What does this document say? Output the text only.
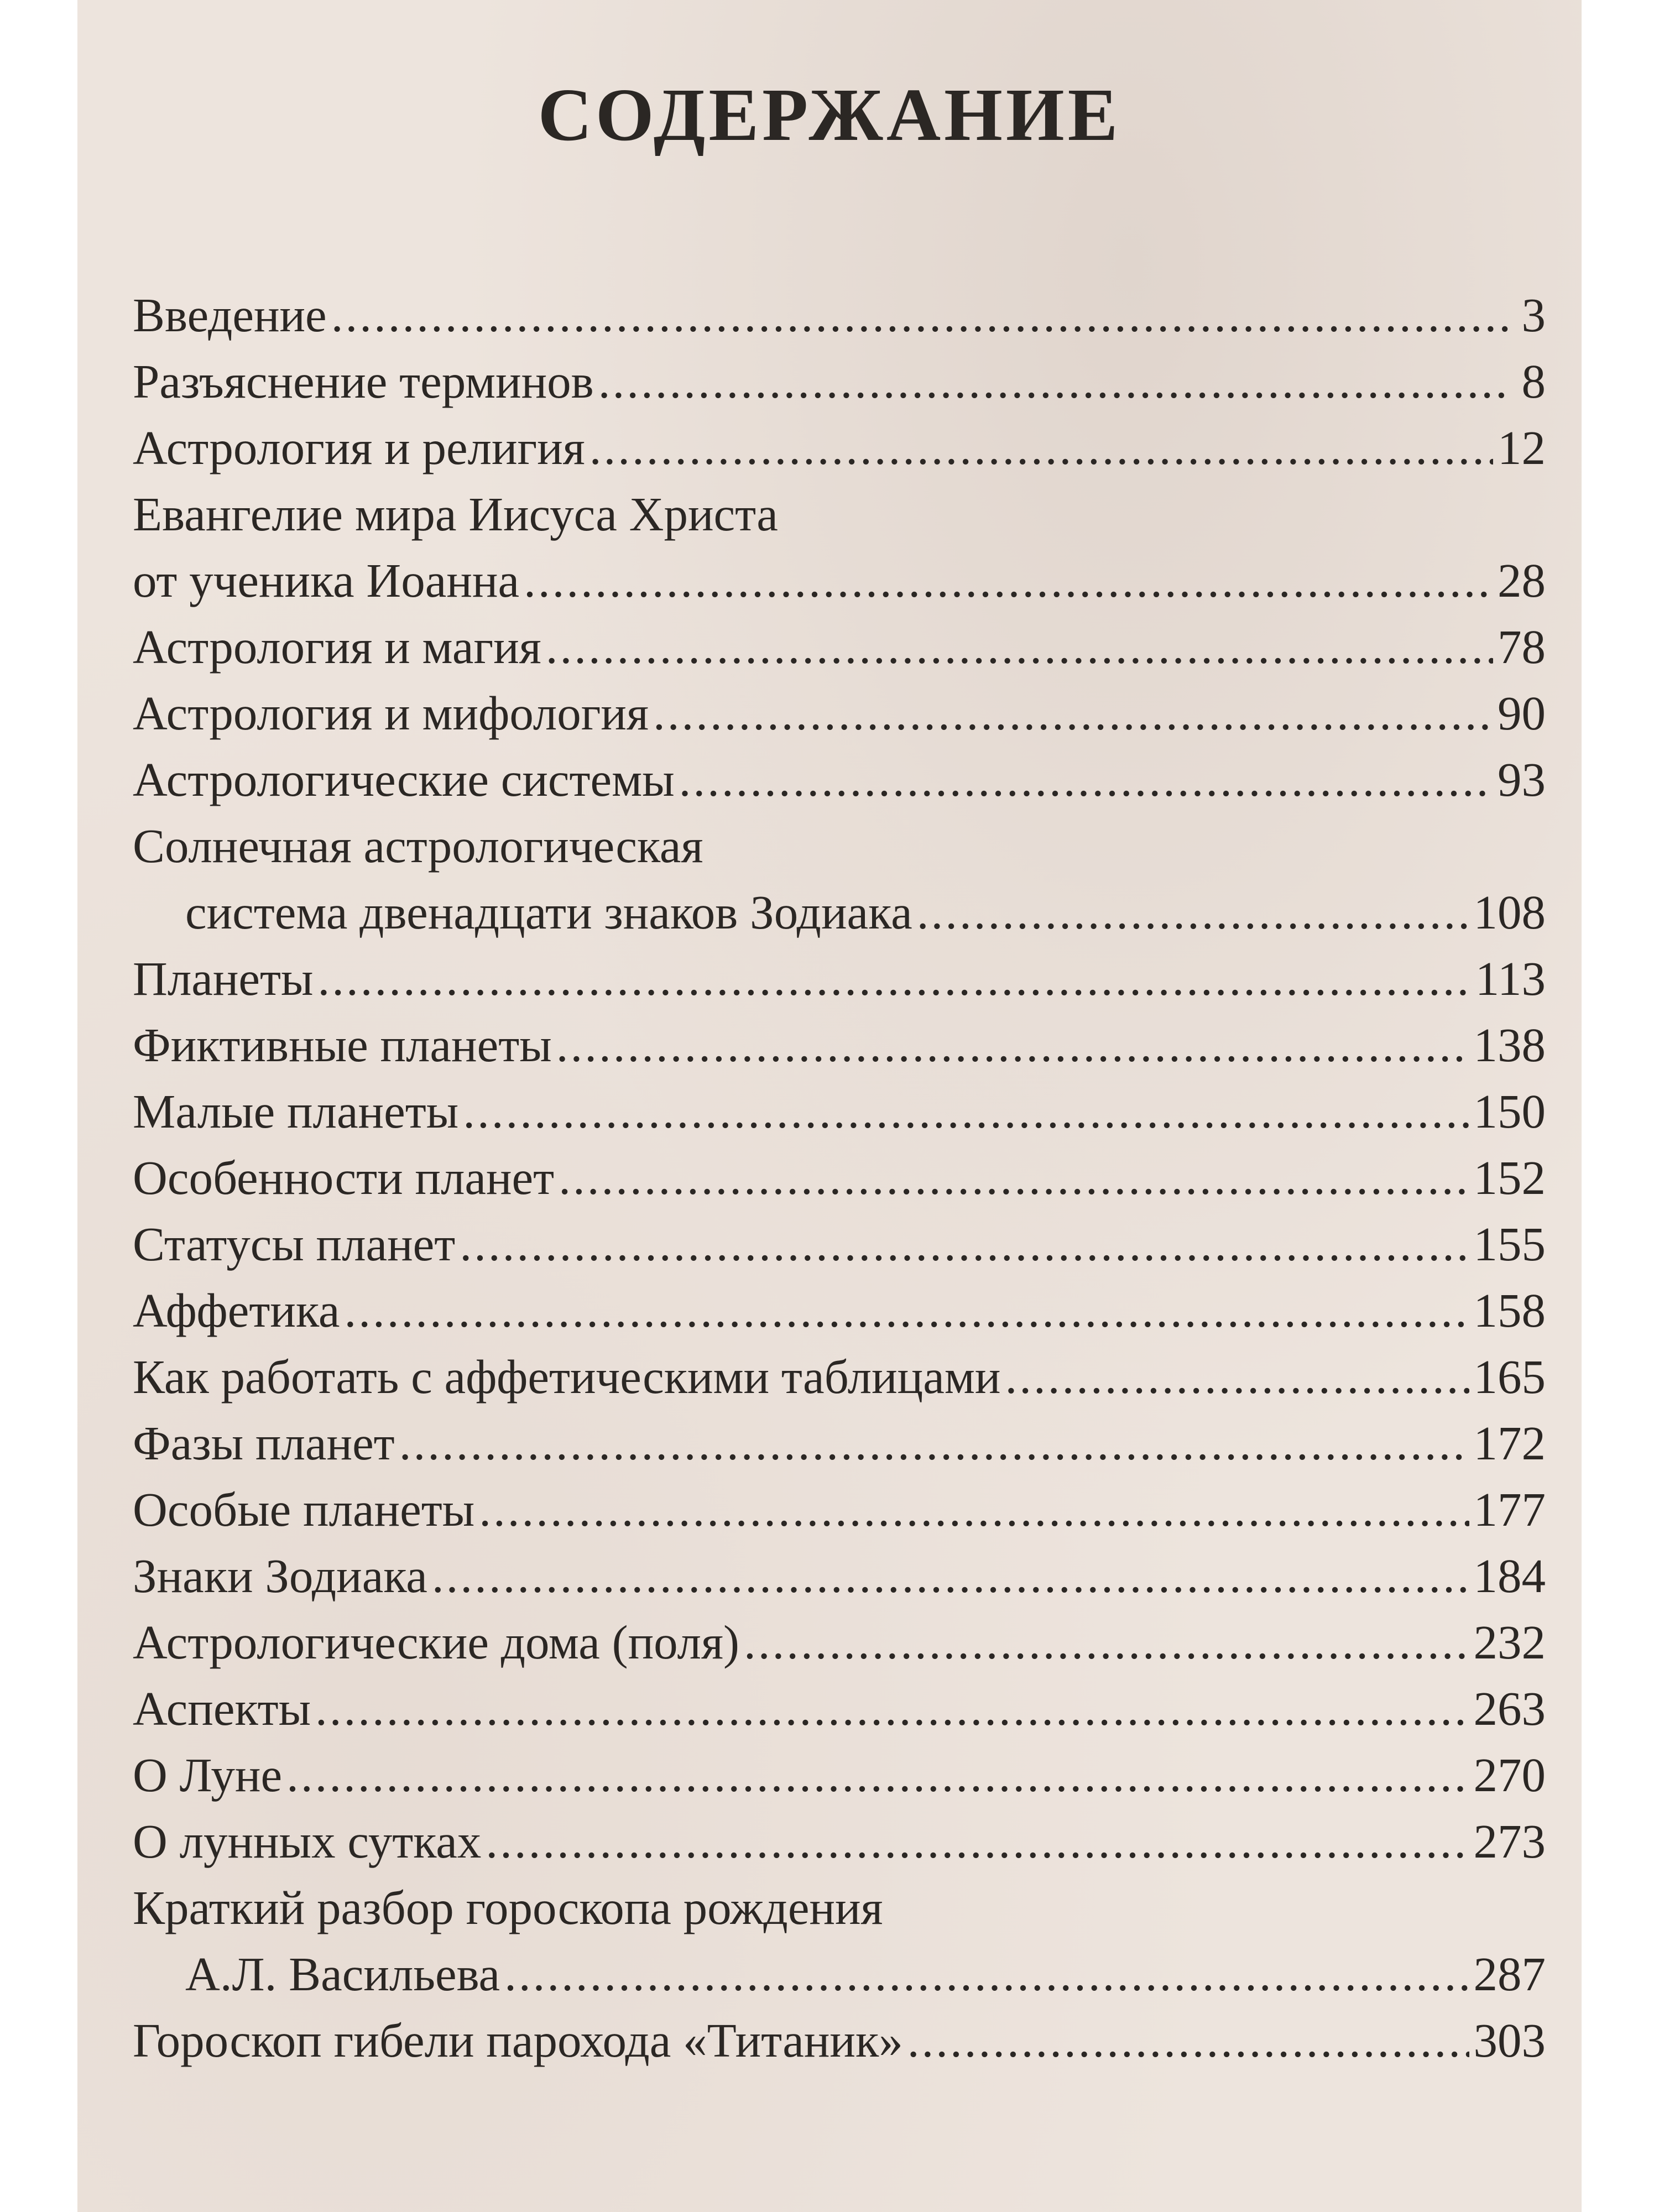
СОДЕРЖАНИЕ
Введение .....	3
Разъяснение терминов .....	8
Астрология и религия .....	12
Евангелие мира Иисуса Христа
от ученика Иоанна .....	28
Астрология и магия .....	78
Астрология и мифология .....	90
Астрологические системы .....	93
Солнечная астрологическая
система двенадцати знаков Зодиака .....	108
Планеты .....	113
Фиктивные планеты .....	138
Малые планеты .....	150
Особенности планет .....	152
Статусы планет .....	155
Аффетика .....	158
Как работать с аффетическими таблицами .....	165
Фазы планет .....	172
Особые планеты .....	177
Знаки Зодиака .....	184
Астрологические дома (поля) .....	232
Аспекты .....	263
О Луне .....	270
О лунных сутках .....	273
Краткий разбор гороскопа рождения
А.Л. Васильева .....	287
Гороскоп гибели парохода «Титаник» .....	303
